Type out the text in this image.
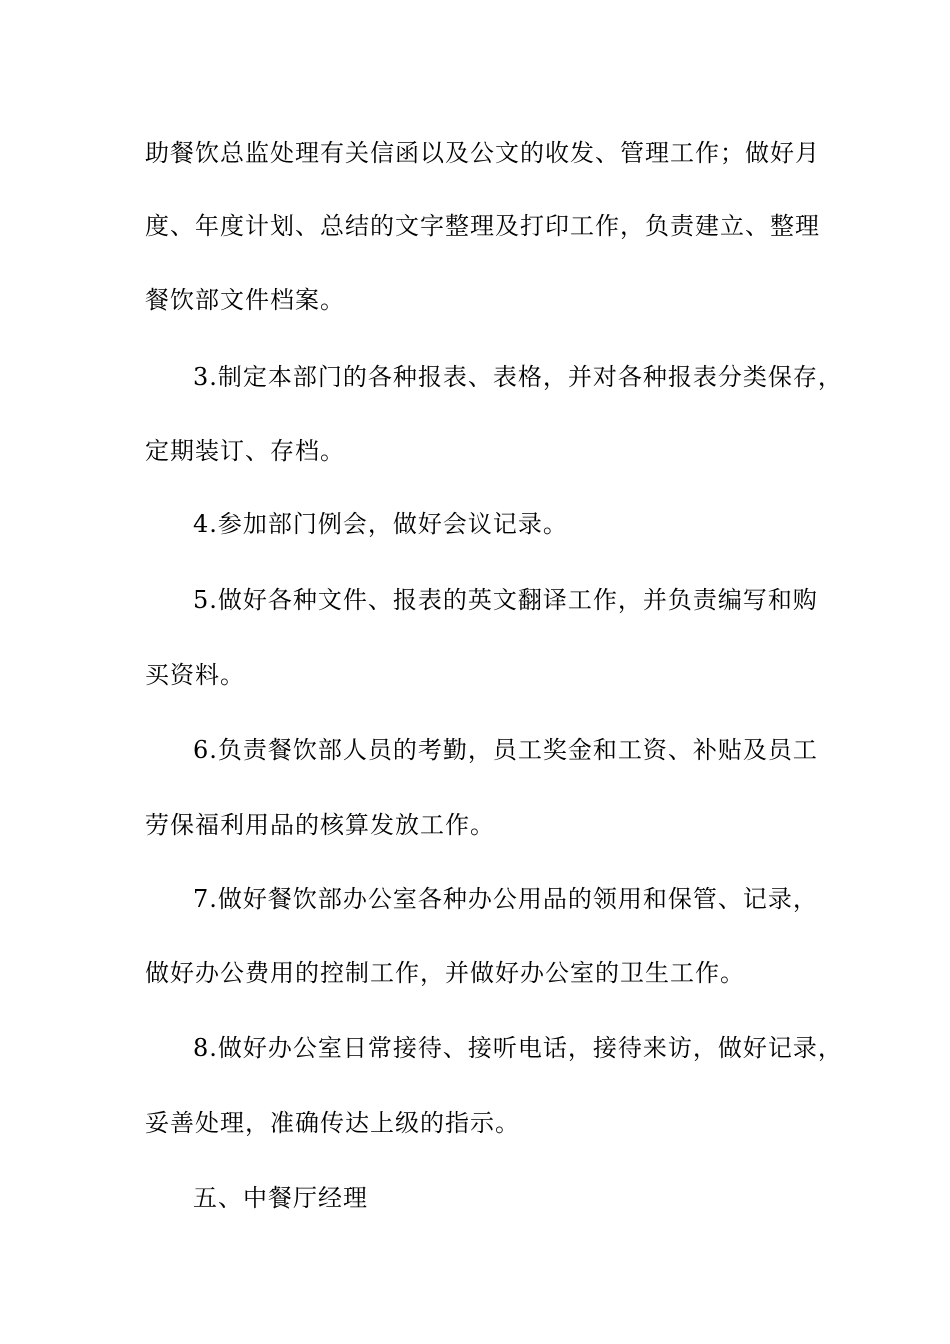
助餐饮总监处理有关信函以及公文的收发、管理工作；做好月

度、年度计划、总结的文字整理及打印工作，负责建立、整理

餐饮部文件档案。

3.制定本部门的各种报表、表格，并对各种报表分类保存，

定期装订、存档。

4.参加部门例会，做好会议记录。

5.做好各种文件、报表的英文翻译工作，并负责编写和购

买资料。

6.负责餐饮部人员的考勤，员工奖金和工资、补贴及员工

劳保福利用品的核算发放工作。

7.做好餐饮部办公室各种办公用品的领用和保管、记录，

做好办公费用的控制工作，并做好办公室的卫生工作。

8.做好办公室日常接待、接听电话，接待来访，做好记录，

妥善处理，准确传达上级的指示。

五、中餐厅经理
